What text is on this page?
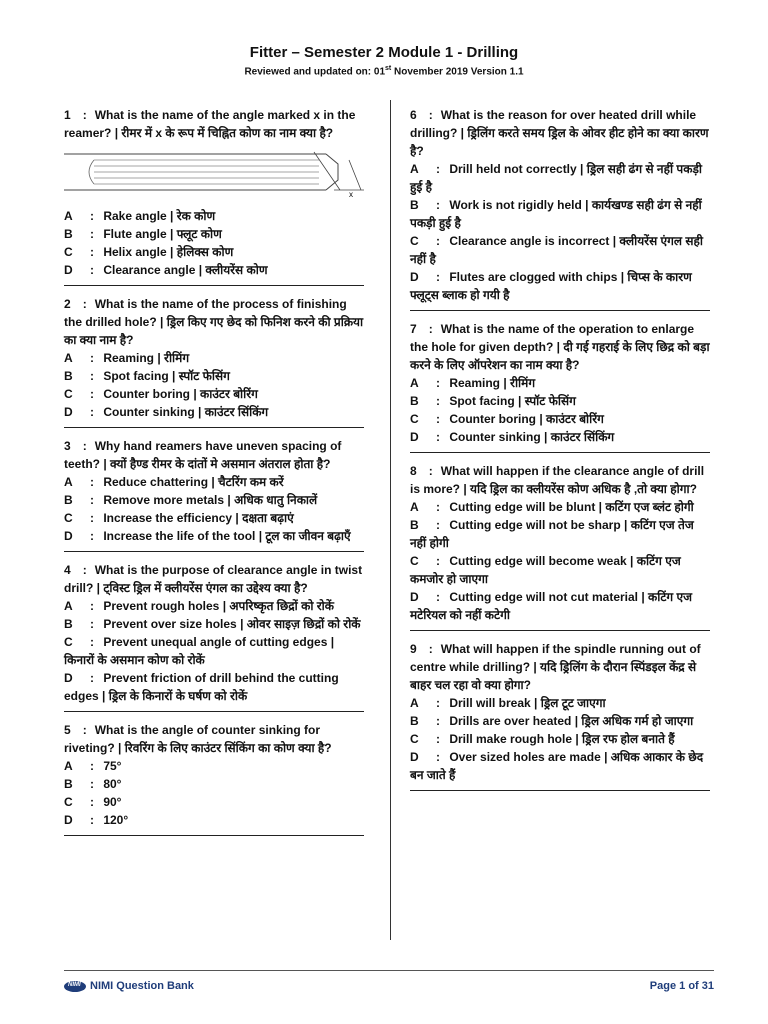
Fitter – Semester 2 Module 1 - Drilling
Reviewed and updated on: 01st November 2019 Version 1.1
1 : What is the name of the angle marked x in the reamer? | रीमर में x के रूप में चिह्नित कोण का नाम क्या है?
x
A : Rake angle | रेक कोण
B : Flute angle | फ्लूट कोण
C : Helix angle | हेलिक्स कोण
D : Clearance angle | क्लीयरेंस कोण
2 : What is the name of the process of finishing the drilled hole? | ड्रिल किए गए छेद को फिनिश करने की प्रक्रिया का क्या नाम है?
A : Reaming | रीमिंग
B : Spot facing | स्पॉट फेसिंग
C : Counter boring | काउंटर बोरिंग
D : Counter sinking | काउंटर सिंकिंग
3 : Why hand reamers have uneven spacing of teeth? | क्यों हैण्ड रीमर के दांतों मे असमान अंतराल होता है?
A : Reduce chattering | चैटरिंग कम करें
B : Remove more metals | अधिक धातु निकालें
C : Increase the efficiency | दक्षता बढ़ाएं
D : Increase the life of the tool | टूल का जीवन बढ़ाएँ
4 : What is the purpose of clearance angle in twist drill? | ट्विस्ट ड्रिल में क्लीयरेंस एंगल का उद्देश्य क्या है?
A : Prevent rough holes | अपरिष्कृत छिद्रों को रोकें
B : Prevent over size holes | ओवर साइज़ छिद्रों को रोकें
C : Prevent unequal angle of cutting edges | किनारों के असमान कोण को रोकें
D : Prevent friction of drill behind the cutting edges | ड्रिल के किनारों के घर्षण को रोकें
5 : What is the angle of counter sinking for riveting? | रिवरिंग के लिए काउंटर सिंकिंग का कोण क्या है?
A : 75°
B : 80°
C : 90°
D : 120°
6 : What is the reason for over heated drill while drilling? | ड्रिलिंग करते समय ड्रिल के ओवर हीट होने का क्या कारण है?
A : Drill held not correctly | ड्रिल सही ढंग से नहीं पकड़ी हुई है
B : Work is not rigidly held | कार्यखण्ड सही ढंग से नहीं पकड़ी हुई है
C : Clearance angle is incorrect | क्लीयरेंस एंगल सही नहीं है
D : Flutes are clogged with chips | चिप्स के कारण फ्लूट्स ब्लाक हो गयी है
7 : What is the name of the operation to enlarge the hole for given depth? | दी गई गहराई के लिए छिद्र को बड़ा करने के लिए ऑपरेशन का नाम क्या है?
A : Reaming | रीमिंग
B : Spot facing | स्पॉट फेसिंग
C : Counter boring | काउंटर बोरिंग
D : Counter sinking | काउंटर सिंकिंग
8 : What will happen if the clearance angle of drill is more? | यदि ड्रिल का क्लीयरेंस कोण अधिक है ,तो क्या होगा?
A : Cutting edge will be blunt | कटिंग एज ब्लंट होगी
B : Cutting edge will not be sharp | कटिंग एज तेज नहीं होगी
C : Cutting edge will become weak | कटिंग एज कमजोर हो जाएगा
D : Cutting edge will not cut material | कटिंग एज मटेरियल को नहीं कटेगी
9 : What will happen if the spindle running out of centre while drilling? | यदि ड्रिलिंग के दौरान स्पिंडइल केंद्र से बाहर चल रहा वो क्या होगा?
A : Drill will break | ड्रिल टूट जाएगा
B : Drills are over heated | ड्रिल अधिक गर्म हो जाएगा
C : Drill make rough hole | ड्रिल रफ होल बनाते हैं
D : Over sized holes are made | अधिक आकार के छेद बन जाते हैं
NIMI NIMI Question Bank	Page 1 of 31
